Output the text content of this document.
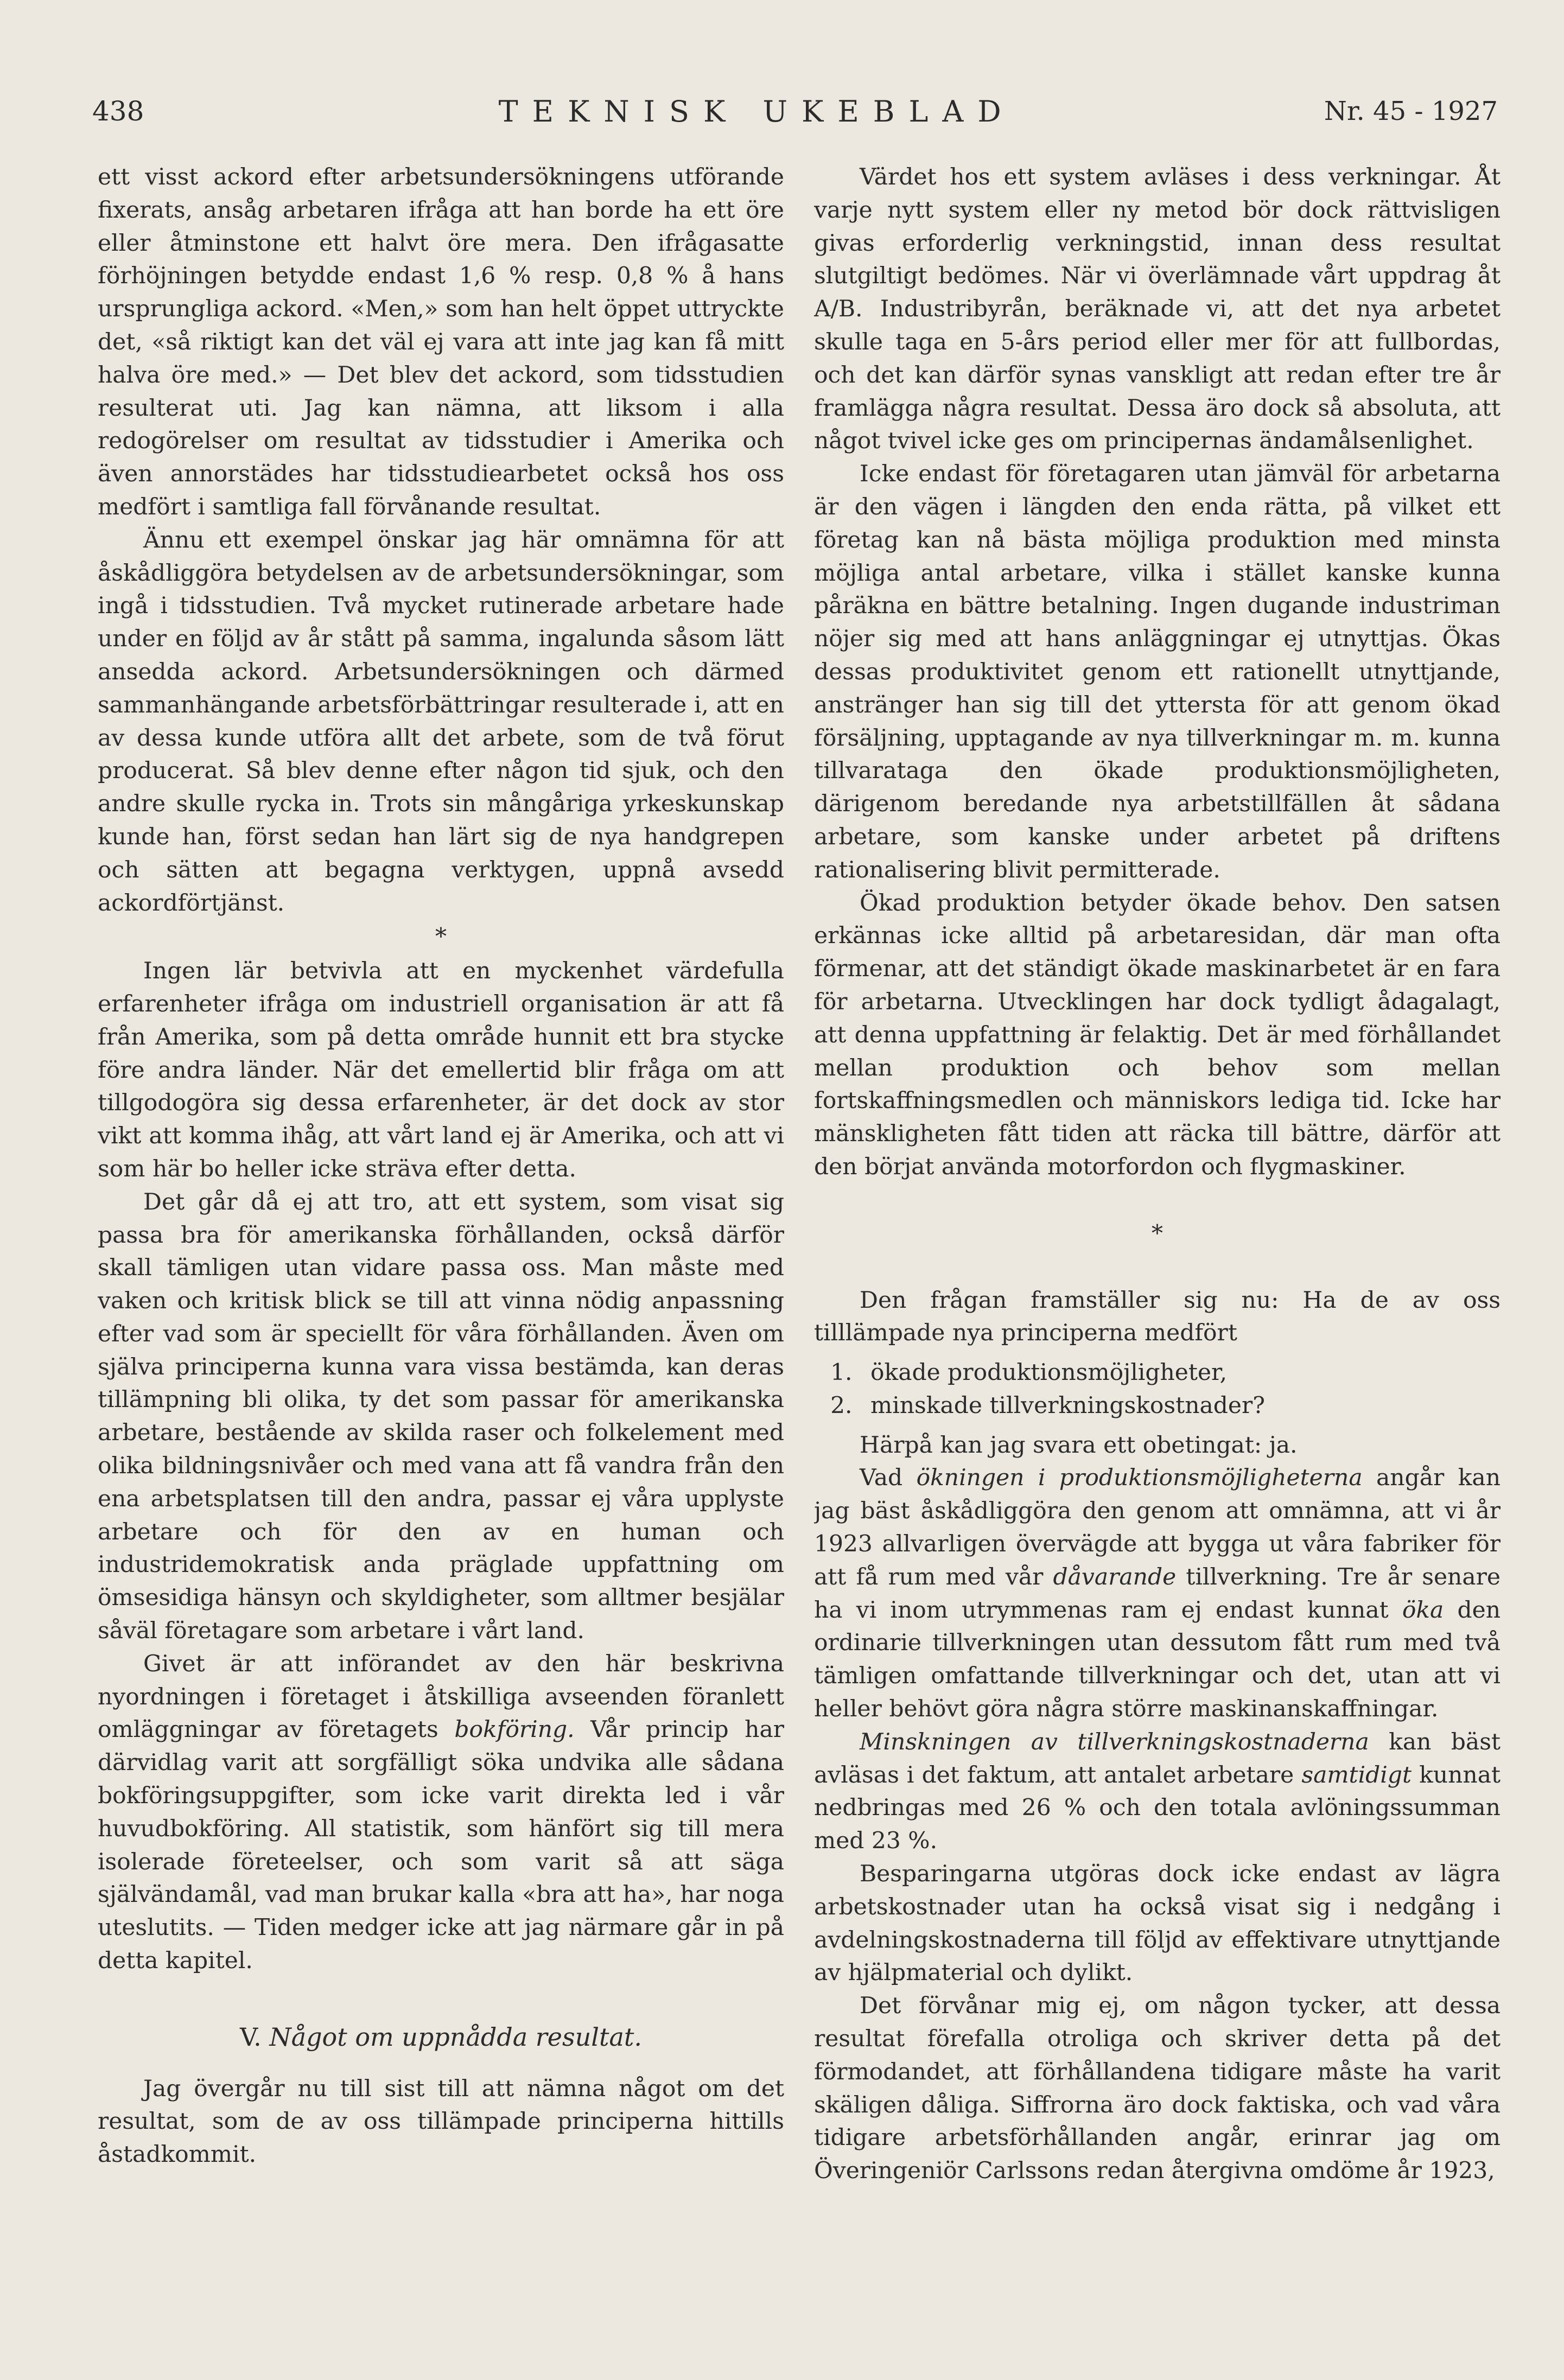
438	TEKNISK UKEBLAD	Nr. 45 - 1927

ett visst ackord efter arbetsundersökningens utförande fixerats, ansåg arbetaren ifråga att han borde ha ett öre eller åtminstone ett halvt öre mera. Den ifrågasatte förhöjningen betydde endast 1,6 % resp. 0,8 % å hans ursprungliga ackord. «Men,» som han helt öppet uttryckte det, «så riktigt kan det väl ej vara att inte jag kan få mitt halva öre med.» — Det blev det ackord, som tidsstudien resulterat uti. Jag kan nämna, att liksom i alla redogörelser om resultat av tidsstudier i Amerika och även annorstädes har tidsstudiearbetet också hos oss medfört i samtliga fall förvånande resultat.

Ännu ett exempel önskar jag här omnämna för att åskådliggöra betydelsen av de arbetsundersökningar, som ingå i tidsstudien. Två mycket rutinerade arbetare hade under en följd av år stått på samma, ingalunda såsom lätt ansedda ackord. Arbetsundersökningen och därmed sammanhängande arbetsförbättringar resulterade i, att en av dessa kunde utföra allt det arbete, som de två förut producerat. Så blev denne efter någon tid sjuk, och den andre skulle rycka in. Trots sin mångåriga yrkeskunskap kunde han, först sedan han lärt sig de nya handgrepen och sätten att begagna verktygen, uppnå avsedd ackordförtjänst.

*

Ingen lär betvivla att en myckenhet värdefulla erfarenheter ifråga om industriell organisation är att få från Amerika, som på detta område hunnit ett bra stycke före andra länder. När det emellertid blir fråga om att tillgodogöra sig dessa erfarenheter, är det dock av stor vikt att komma ihåg, att vårt land ej är Amerika, och att vi som här bo heller icke sträva efter detta.

Det går då ej att tro, att ett system, som visat sig passa bra för amerikanska förhållanden, också därför skall tämligen utan vidare passa oss. Man måste med vaken och kritisk blick se till att vinna nödig anpassning efter vad som är speciellt för våra förhållanden. Även om själva principerna kunna vara vissa bestämda, kan deras tillämpning bli olika, ty det som passar för amerikanska arbetare, bestående av skilda raser och folkelement med olika bildningsnivåer och med vana att få vandra från den ena arbetsplatsen till den andra, passar ej våra upplyste arbetare och för den av en human och industridemokratisk anda präglade uppfattning om ömsesidiga hänsyn och skyldigheter, som alltmer besjälar såväl företagare som arbetare i vårt land.

Givet är att införandet av den här beskrivna nyordningen i företaget i åtskilliga avseenden föranlett omläggningar av företagets bokföring. Vår princip har därvidlag varit att sorgfälligt söka undvika alle sådana bokföringsuppgifter, som icke varit direkta led i vår huvudbokföring. All statistik, som hänfört sig till mera isolerade företeelser, och som varit så att säga självändamål, vad man brukar kalla «bra att ha», har noga uteslutits. — Tiden medger icke att jag närmare går in på detta kapitel.

V. Något om uppnådda resultat.

Jag övergår nu till sist till att nämna något om det resultat, som de av oss tillämpade principerna hittills åstadkommit.

Värdet hos ett system avläses i dess verkningar. Åt varje nytt system eller ny metod bör dock rättvisligen givas erforderlig verkningstid, innan dess resultat slutgiltigt bedömes. När vi överlämnade vårt uppdrag åt A/B. Industribyrån, beräknade vi, att det nya arbetet skulle taga en 5-års period eller mer för att fullbordas, och det kan därför synas vanskligt att redan efter tre år framlägga några resultat. Dessa äro dock så absoluta, att något tvivel icke ges om principernas ändamålsenlighet.

Icke endast för företagaren utan jämväl för arbetarna är den vägen i längden den enda rätta, på vilket ett företag kan nå bästa möjliga produktion med minsta möjliga antal arbetare, vilka i stället kanske kunna påräkna en bättre betalning. Ingen dugande industriman nöjer sig med att hans anläggningar ej utnyttjas. Ökas dessas produktivitet genom ett rationellt utnyttjande, anstränger han sig till det yttersta för att genom ökad försäljning, upptagande av nya tillverkningar m. m. kunna tillvarataga den ökade produktionsmöjligheten, därigenom beredande nya arbetstillfällen åt sådana arbetare, som kanske under arbetet på driftens rationalisering blivit permitterade.

Ökad produktion betyder ökade behov. Den satsen erkännas icke alltid på arbetaresidan, där man ofta förmenar, att det ständigt ökade maskinarbetet är en fara för arbetarna. Utvecklingen har dock tydligt ådagalagt, att denna uppfattning är felaktig. Det är med förhållandet mellan produktion och behov som mellan fortskaffningsmedlen och människors lediga tid. Icke har mänskligheten fått tiden att räcka till bättre, därför att den börjat använda motorfordon och flygmaskiner.

*

Den frågan framställer sig nu: Ha de av oss tilllämpade nya principerna medfört

1. ökade produktionsmöjligheter,
2. minskade tillverkningskostnader?

Härpå kan jag svara ett obetingat: ja.

Vad ökningen i produktionsmöjligheterna angår kan jag bäst åskådliggöra den genom att omnämna, att vi år 1923 allvarligen övervägde att bygga ut våra fabriker för att få rum med vår dåvarande tillverkning. Tre år senare ha vi inom utrymmenas ram ej endast kunnat öka den ordinarie tillverkningen utan dessutom fått rum med två tämligen omfattande tillverkningar och det, utan att vi heller behövt göra några större maskinanskaffningar.

Minskningen av tillverkningskostnaderna kan bäst avläsas i det faktum, att antalet arbetare samtidigt kunnat nedbringas med 26 % och den totala avlöningssumman med 23 %.

Besparingarna utgöras dock icke endast av lägra arbetskostnader utan ha också visat sig i nedgång i avdelningskostnaderna till följd av effektivare utnyttjande av hjälpmaterial och dylikt.

Det förvånar mig ej, om någon tycker, att dessa resultat förefalla otroliga och skriver detta på det förmodandet, att förhållandena tidigare måste ha varit skäligen dåliga. Siffrorna äro dock faktiska, och vad våra tidigare arbetsförhållanden angår, erinrar jag om Överingeniör Carlssons redan återgivna omdöme år 1923,
